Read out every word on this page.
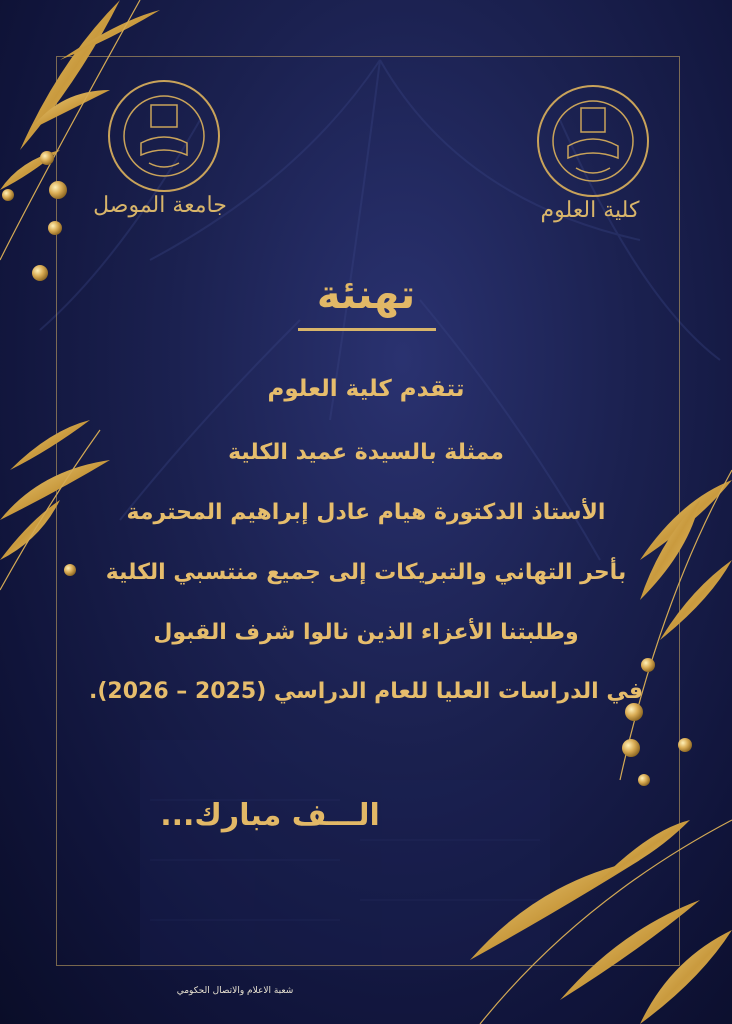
جامعة الموصل	كلية العلوم
تهنئة
تتقدم كلية العلوم
ممثلة بالسيدة عميد الكلية
الأستاذ الدكتورة هيام عادل إبراهيم المحترمة
بأحر التهاني والتبريكات إلى جميع منتسبي الكلية
وطلبتنا الأعزاء الذين نالوا شرف القبول
في الدراسات العليا للعام الدراسي (2025 – 2026).
الـــف مبارك...
شعبة الاعلام والاتصال الحكومي
